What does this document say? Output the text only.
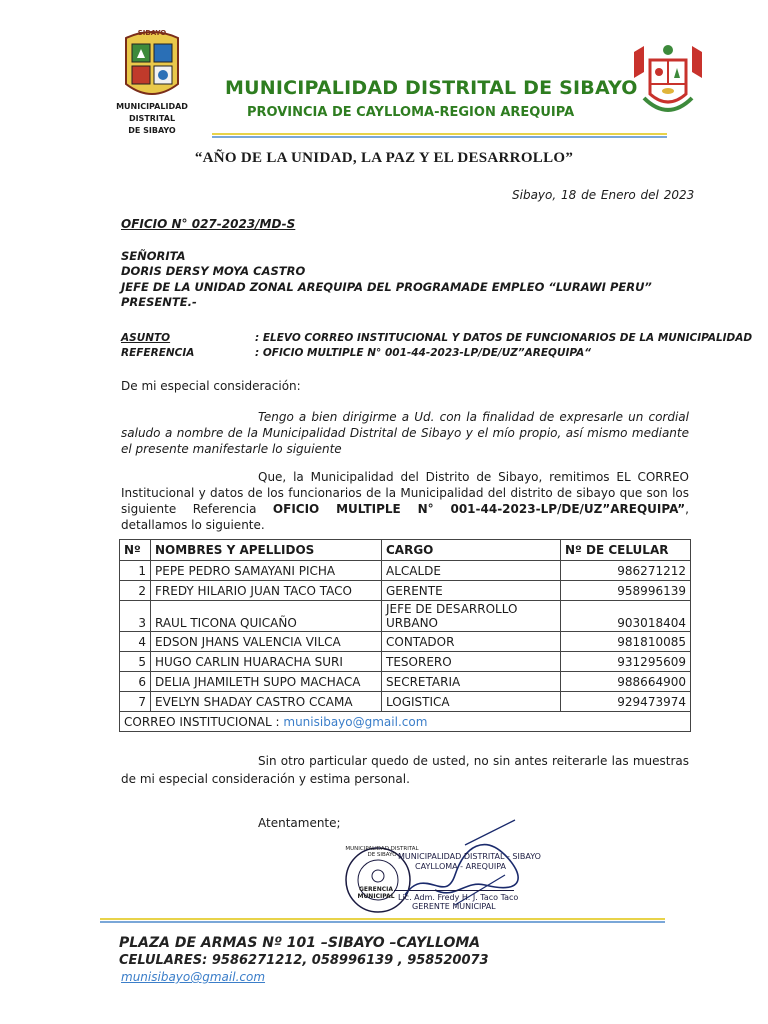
SIBAYO
MUNICIPALIDAD DISTRITAL
DE SIBAYO
MUNICIPALIDAD DISTRITAL DE SIBAYO
PROVINCIA DE CAYLLOMA-REGION AREQUIPA
“AÑO DE LA UNIDAD, LA PAZ Y EL DESARROLLO”
Sibayo, 18 de Enero del 2023
OFICIO N° 027-2023/MD-S
SEÑORITA
DORIS DERSY MOYA CASTRO
JEFE DE LA UNIDAD ZONAL AREQUIPA DEL PROGRAMADE EMPLEO “LURAWI PERU”
PRESENTE.-
ASUNTO	: ELEVO CORREO INSTITUCIONAL Y DATOS DE FUNCIONARIOS DE LA MUNICIPALIDAD
REFERENCIA	: OFICIO MULTIPLE N° 001-44-2023-LP/DE/UZ”AREQUIPA“
De mi especial consideración:
Tengo a bien dirigirme a Ud. con la finalidad de expresarle un cordial saludo a nombre de la Municipalidad Distrital de Sibayo y el mío propio, así mismo mediante el presente manifestarle lo siguiente
Que, la Municipalidad del Distrito de Sibayo, remitimos EL CORREO Institucional y datos de los funcionarios de la Municipalidad del distrito de sibayo que son los siguiente Referencia OFICIO MULTIPLE N° 001-44-2023-LP/DE/UZ”AREQUIPA”, detallamos lo siguiente.
Nº	NOMBRES Y APELLIDOS	CARGO	Nº DE CELULAR
1	PEPE PEDRO SAMAYANI PICHA	ALCALDE	986271212
2	FREDY HILARIO JUAN TACO TACO	GERENTE	958996139
3	RAUL TICONA QUICAÑO	JEFE DE DESARROLLO URBANO	903018404
4	EDSON JHANS VALENCIA VILCA	CONTADOR	981810085
5	HUGO CARLIN HUARACHA SURI	TESORERO	931295609
6	DELIA JHAMILETH SUPO MACHACA	SECRETARIA	988664900
7	EVELYN SHADAY CASTRO CCAMA	LOGISTICA	929473974
CORREO INSTITUCIONAL : munisibayo@gmail.com			
Sin otro particular quedo de usted, no sin antes reiterarle las muestras de mi especial consideración y estima personal.
Atentamente;
GERENCIA
MUNICIPAL
MUNICIPALIDAD DISTRITAL DE SIBAYO MUNICIPALIDAD DISTRITAL - SIBAYO
CAYLLOMA - AREQUIPA
Lic. Adm. Fredy H. J. Taco Taco
GERENTE MUNICIPAL
PLAZA DE ARMAS Nº 101 –SIBAYO –CAYLLOMA
CELULARES: 9586271212, 058996139 , 958520073
munisibayo@gmail.com
